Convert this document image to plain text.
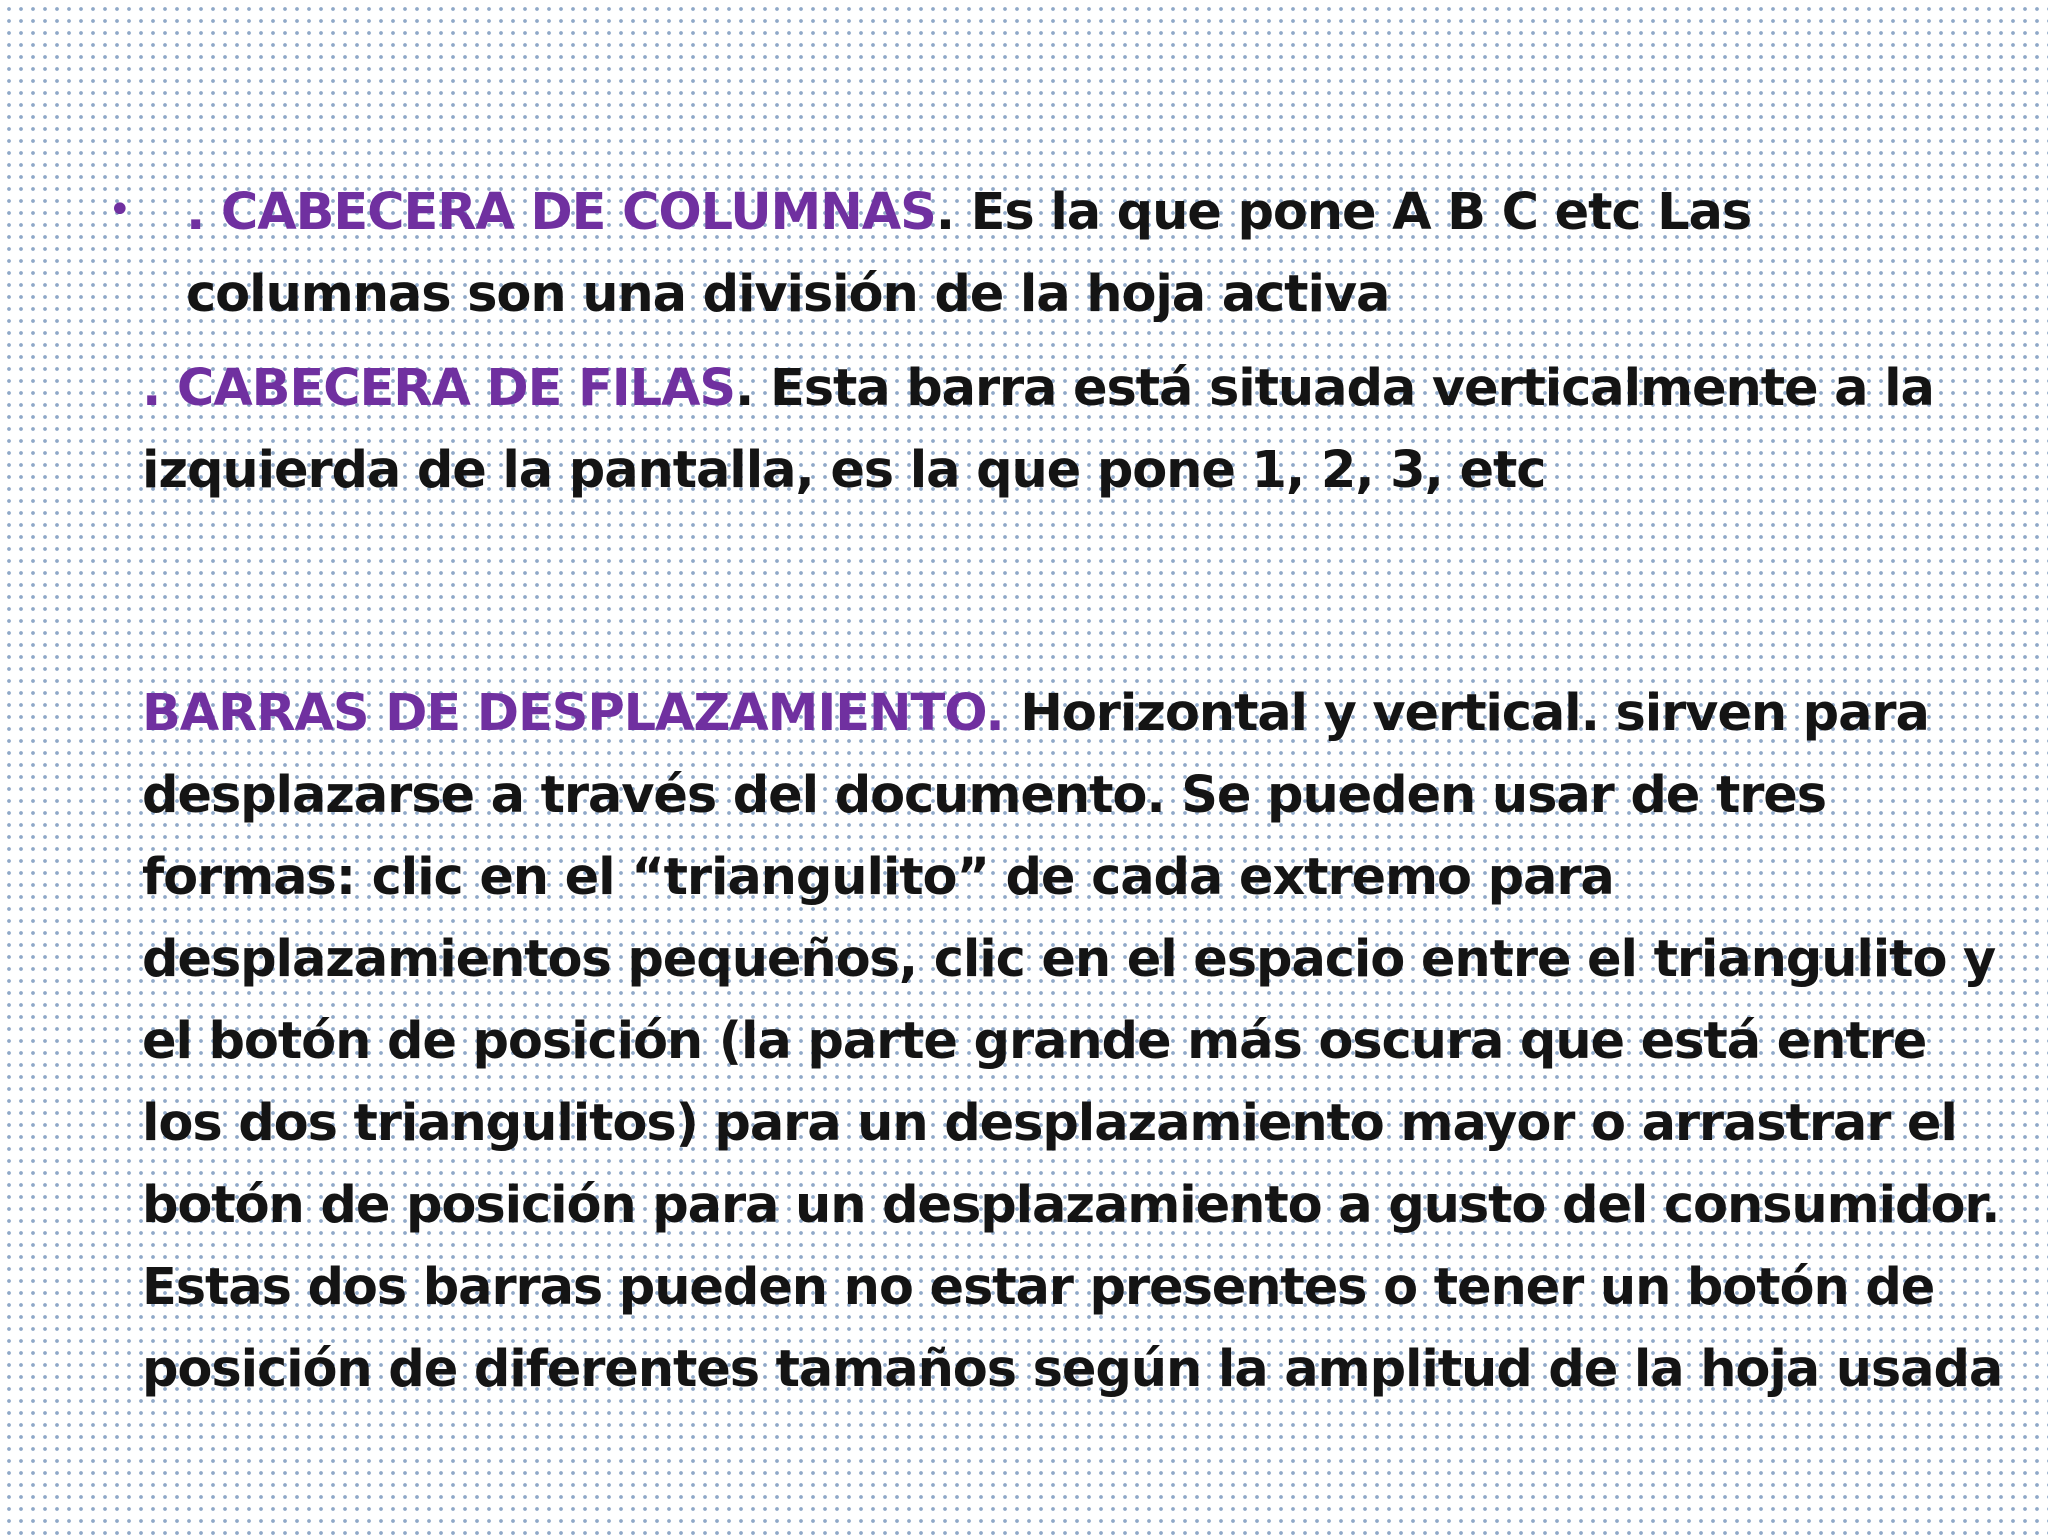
• . CABECERA DE COLUMNAS. Es la que pone A B C etc Las columnas son una división de la hoja activa

. CABECERA DE FILAS. Esta barra está situada verticalmente a la izquierda de la pantalla, es la que pone 1, 2, 3, etc

BARRAS DE DESPLAZAMIENTO. Horizontal y vertical. sirven para desplazarse a través del documento. Se pueden usar de tres formas: clic en el “triangulito” de cada extremo para desplazamientos pequeños, clic en el espacio entre el triangulito y el botón de posición (la parte grande más oscura que está entre los dos triangulitos) para un desplazamiento mayor o arrastrar el botón de posición para un desplazamiento a gusto del consumidor. Estas dos barras pueden no estar presentes o tener un botón de posición de diferentes tamaños según la amplitud de la hoja usada
